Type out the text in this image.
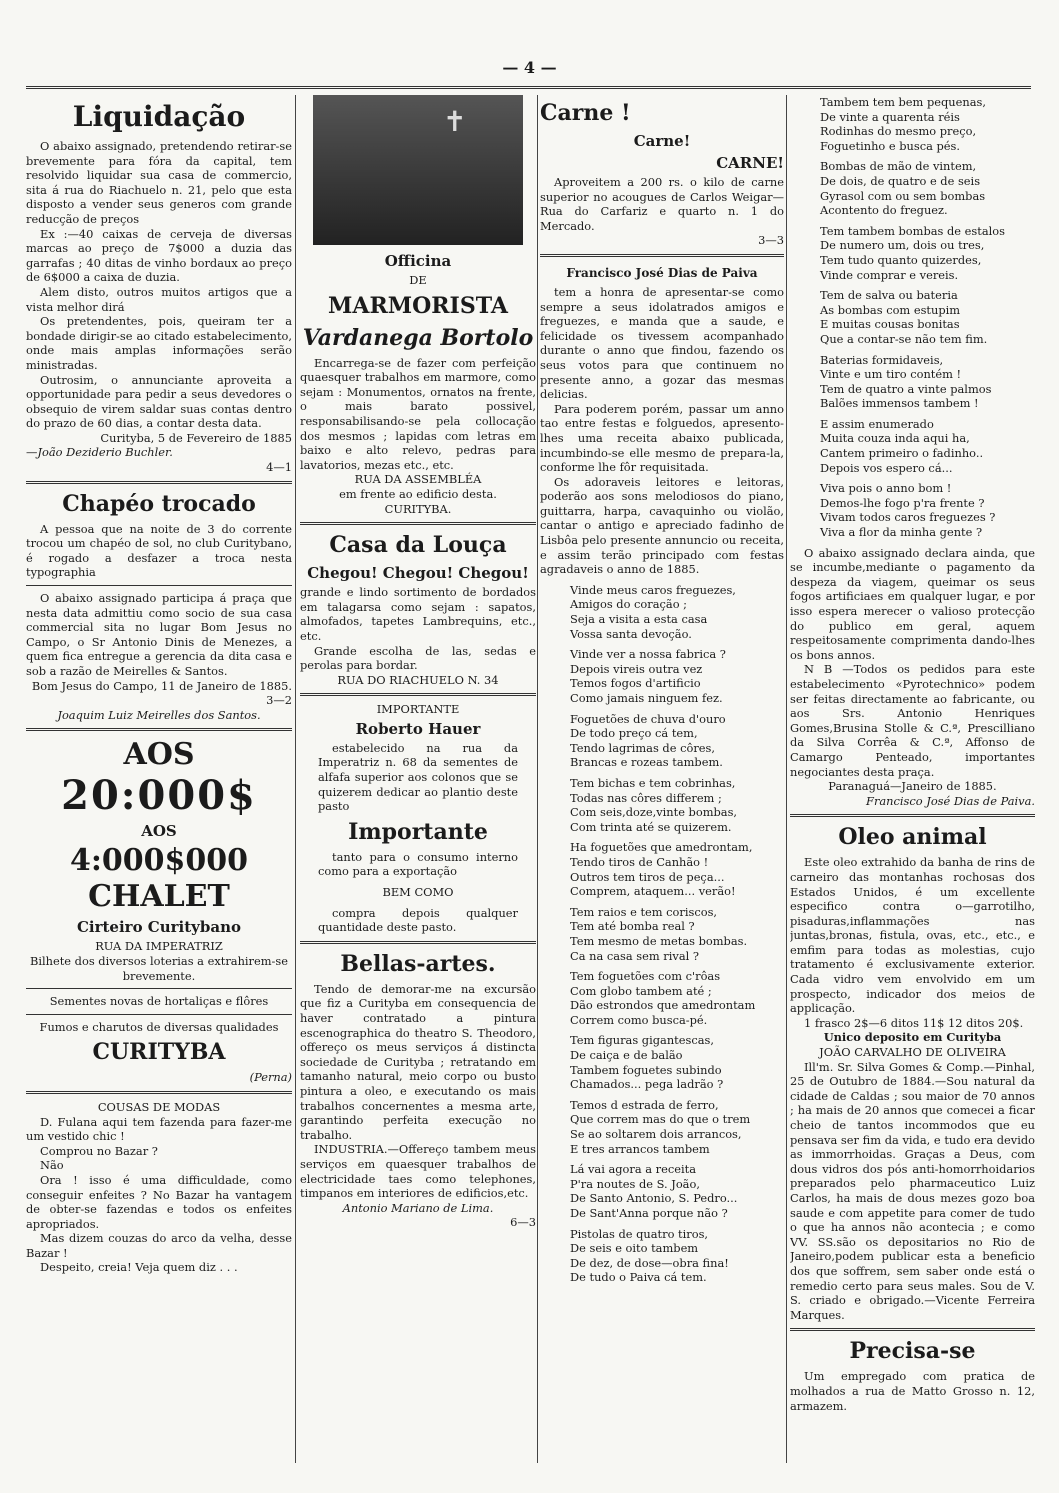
— 4 —
Liquidação

O abaixo assignado, pretendendo retirar-se brevemente para fóra da capital, tem resolvido liquidar sua casa de commercio, sita á rua do Riachuelo n. 21, pelo que esta disposto a vender seus generos com grande reducção de preços

Ex :—40 caixas de cerveja de diversas marcas ao preço de 7$000 a duzia das garrafas ; 40 ditas de vinho bordaux ao preço de 6$000 a caixa de duzia.

Alem disto, outros muitos artigos que a vista melhor dirá

Os pretendentes, pois, queiram ter a bondade dirigir-se ao citado estabelecimento, onde mais amplas informações serão ministradas.

Outrosim, o annunciante aproveita a opportunidade para pedir a seus devedores o obsequio de virem saldar suas contas dentro do prazo de 60 dias, a contar desta data.

Curityba, 5 de Fevereiro de 1885

—João Deziderio Buchler.

4—1

Chapéo trocado

A pessoa que na noite de 3 do corrente trocou um chapéo de sol, no club Curitybano, é rogado a desfazer a troca nesta typographia

O abaixo assignado participa á praça que nesta data admittiu como socio de sua casa commercial sita no lugar Bom Jesus no Campo, o Sr Antonio Dinis de Menezes, a quem fica entregue a gerencia da dita casa e sob a razão de Meirelles & Santos.

Bom Jesus do Campo, 11 de Janeiro de 1885.

3—2

Joaquim Luiz Meirelles dos Santos.

AOS
20:000$
AOS
4:000$000
CHALET
Cirteiro Curitybano

RUA DA IMPERATRIZ

Bilhete dos diversos loterias a extrahirem-se brevemente.

Sementes novas de hortaliças e flôres

Fumos e charutos de diversas qualidades

CURITYBA

(Perna)

COUSAS DE MODAS

D. Fulana aqui tem fazenda para fazer-me um vestido chic !

Comprou no Bazar ?

Não

Ora ! isso é uma difficuldade, como conseguir enfeites ? No Bazar ha vantagem de obter-se fazendas e todos os enfeites apropriados.

Mas dizem couzas do arco da velha, desse Bazar !

Despeito, creia! Veja quem diz . . .

✝
Officina

DE

MARMORISTA
Vardanega Bortolo

Encarrega-se de fazer com perfeição quaesquer trabalhos em marmore, como sejam : Monumentos, ornatos na frente, o mais barato possivel, responsabilisando-se pela collocação dos mesmos ; lapidas com letras em baixo e alto relevo, pedras para lavatorios, mezas etc., etc.

RUA DA ASSEMBLÉA

em frente ao edificio desta.

CURITYBA.

Casa da Louça
Chegou! Chegou! Chegou!

grande e lindo sortimento de bordados em talagarsa como sejam : sapatos, almofados, tapetes Lambrequins, etc., etc.

Grande escolha de las, sedas e perolas para bordar.

RUA DO RIACHUELO N. 34

IMPORTANTE

Roberto Hauer

estabelecido na rua da Imperatriz n. 68 da sementes de alfafa superior aos colonos que se quizerem dedicar ao plantio deste pasto

Importante

tanto para o consumo interno como para a exportação

BEM COMO

compra depois qualquer quantidade deste pasto.

Bellas-artes.

Tendo de demorar-me na excursão que fiz a Curityba em consequencia de haver contratado a pintura escenographica do theatro S. Theodoro, offereço os meus serviços á distincta sociedade de Curityba ; retratando em tamanho natural, meio corpo ou busto pintura a oleo, e executando os mais trabalhos concernentes a mesma arte, garantindo perfeita execução no trabalho.

INDUSTRIA.—Offereço tambem meus serviços em quaesquer trabalhos de electricidade taes como telephones, timpanos em interiores de edificios,etc.

Antonio Mariano de Lima.

6—3

Carne !
Carne!
CARNE!

Aproveitem a 200 rs. o kilo de carne superior no acougues de Carlos Weigar—Rua do Carfariz e quarto n. 1 do Mercado.

3—3

Francisco José Dias de Paiva

tem a honra de apresentar-se como sempre a seus idolatrados amigos e freguezes, e manda que a saude, e felicidade os tivessem acompanhado durante o anno que findou, fazendo os seus votos para que continuem no presente anno, a gozar das mesmas delicias.

Para poderem porém, passar um anno tao entre festas e folguedos, apresento-lhes uma receita abaixo publicada, incumbindo-se elle mesmo de prepara-la, conforme lhe fôr requisitada.

Os adoraveis leitores e leitoras, poderão aos sons melodiosos do piano, guittarra, harpa, cavaquinho ou violão, cantar o antigo e apreciado fadinho de Lisbôa pelo presente annuncio ou receita, e assim terão principado com festas agradaveis o anno de 1885.

Vinde meus caros freguezes,

Amigos do coração ;

Seja a visita a esta casa

Vossa santa devoção.

Vinde ver a nossa fabrica ?

Depois vireis outra vez

Temos fogos d'artificio

Como jamais ninguem fez.

Foguetões de chuva d'ouro

De todo preço cá tem,

Tendo lagrimas de côres,

Brancas e rozeas tambem.

Tem bichas e tem cobrinhas,

Todas nas côres differem ;

Com seis,doze,vinte bombas,

Com trinta até se quizerem.

Ha foguetões que amedrontam,

Tendo tiros de Canhão !

Outros tem tiros de peça...

Comprem, ataquem... verão!

Tem raios e tem coriscos,

Tem até bomba real ?

Tem mesmo de metas bombas.

Ca na casa sem rival ?

Tem foguetões com c'rôas

Com globo tambem até ;

Dão estrondos que amedrontam

Correm como busca-pé.

Tem figuras gigantescas,

De caiça e de balão

Tambem foguetes subindo

Chamados... pega ladrão ?

Temos d estrada de ferro,

Que correm mas do que o trem

Se ao soltarem dois arrancos,

E tres arrancos tambem

Lá vai agora a receita

P'ra noutes de S. João,

De Santo Antonio, S. Pedro...

De Sant'Anna porque não ?

Pistolas de quatro tiros,

De seis e oito tambem

De dez, de dose—obra fina!

De tudo o Paiva cá tem.

Tambem tem bem pequenas,

De vinte a quarenta réis

Rodinhas do mesmo preço,

Foguetinho e busca pés.

Bombas de mão de vintem,

De dois, de quatro e de seis

Gyrasol com ou sem bombas

Acontento do freguez.

Tem tambem bombas de estalos

De numero um, dois ou tres,

Tem tudo quanto quizerdes,

Vinde comprar e vereis.

Tem de salva ou bateria

As bombas com estupim

E muitas cousas bonitas

Que a contar-se não tem fim.

Baterias formidaveis,

Vinte e um tiro contém !

Tem de quatro a vinte palmos

Balões immensos tambem !

E assim enumerado

Muita couza inda aqui ha,

Cantem primeiro o fadinho..

Depois vos espero cá...

Viva pois o anno bom !

Demos-lhe fogo p'ra frente ?

Vivam todos caros freguezes ?

Viva a flor da minha gente ?

O abaixo assignado declara ainda, que se incumbe,mediante o pagamento da despeza da viagem, queimar os seus fogos artificiaes em qualquer lugar, e por isso espera merecer o valioso protecção do publico em geral, aquem respeitosamente comprimenta dando-lhes os bons annos.

N B —Todos os pedidos para este estabelecimento «Pyrotechnico» podem ser feitas directamente ao fabricante, ou aos Srs. Antonio Henriques Gomes,Brusina Stolle & C.ª, Prescilliano da Silva Corrêa & C.ª, Affonso de Camargo Penteado, importantes negociantes desta praça.

Paranaguá—Janeiro de 1885.

Francisco José Dias de Paiva.

Oleo animal

Este oleo extrahido da banha de rins de carneiro das montanhas rochosas dos Estados Unidos, é um excellente especifico contra o—garrotilho, pisaduras,inflammações nas juntas,bronas, fistula, ovas, etc., etc., e emfim para todas as molestias, cujo tratamento é exclusivamente exterior. Cada vidro vem envolvido em um prospecto, indicador dos meios de applicação.

1 frasco 2$—6 ditos 11$ 12 ditos 20$.

Unico deposito em Curityba

JOÃO CARVALHO DE OLIVEIRA

Ill'm. Sr. Silva Gomes & Comp.—Pinhal, 25 de Outubro de 1884.—Sou natural da cidade de Caldas ; sou maior de 70 annos ; ha mais de 20 annos que comecei a ficar cheio de tantos incommodos que eu pensava ser fim da vida, e tudo era devido as immorrhoidas. Graças a Deus, com dous vidros dos pós anti-homorrhoidarios preparados pelo pharmaceutico Luiz Carlos, ha mais de dous mezes gozo boa saude e com appetite para comer de tudo o que ha annos não acontecia ; e como VV. SS.são os depositarios no Rio de Janeiro,podem publicar esta a beneficio dos que soffrem, sem saber onde está o remedio certo para seus males. Sou de V. S. criado e obrigado.—Vicente Ferreira Marques.

Precisa-se

Um empregado com pratica de molhados a rua de Matto Grosso n. 12, armazem.
